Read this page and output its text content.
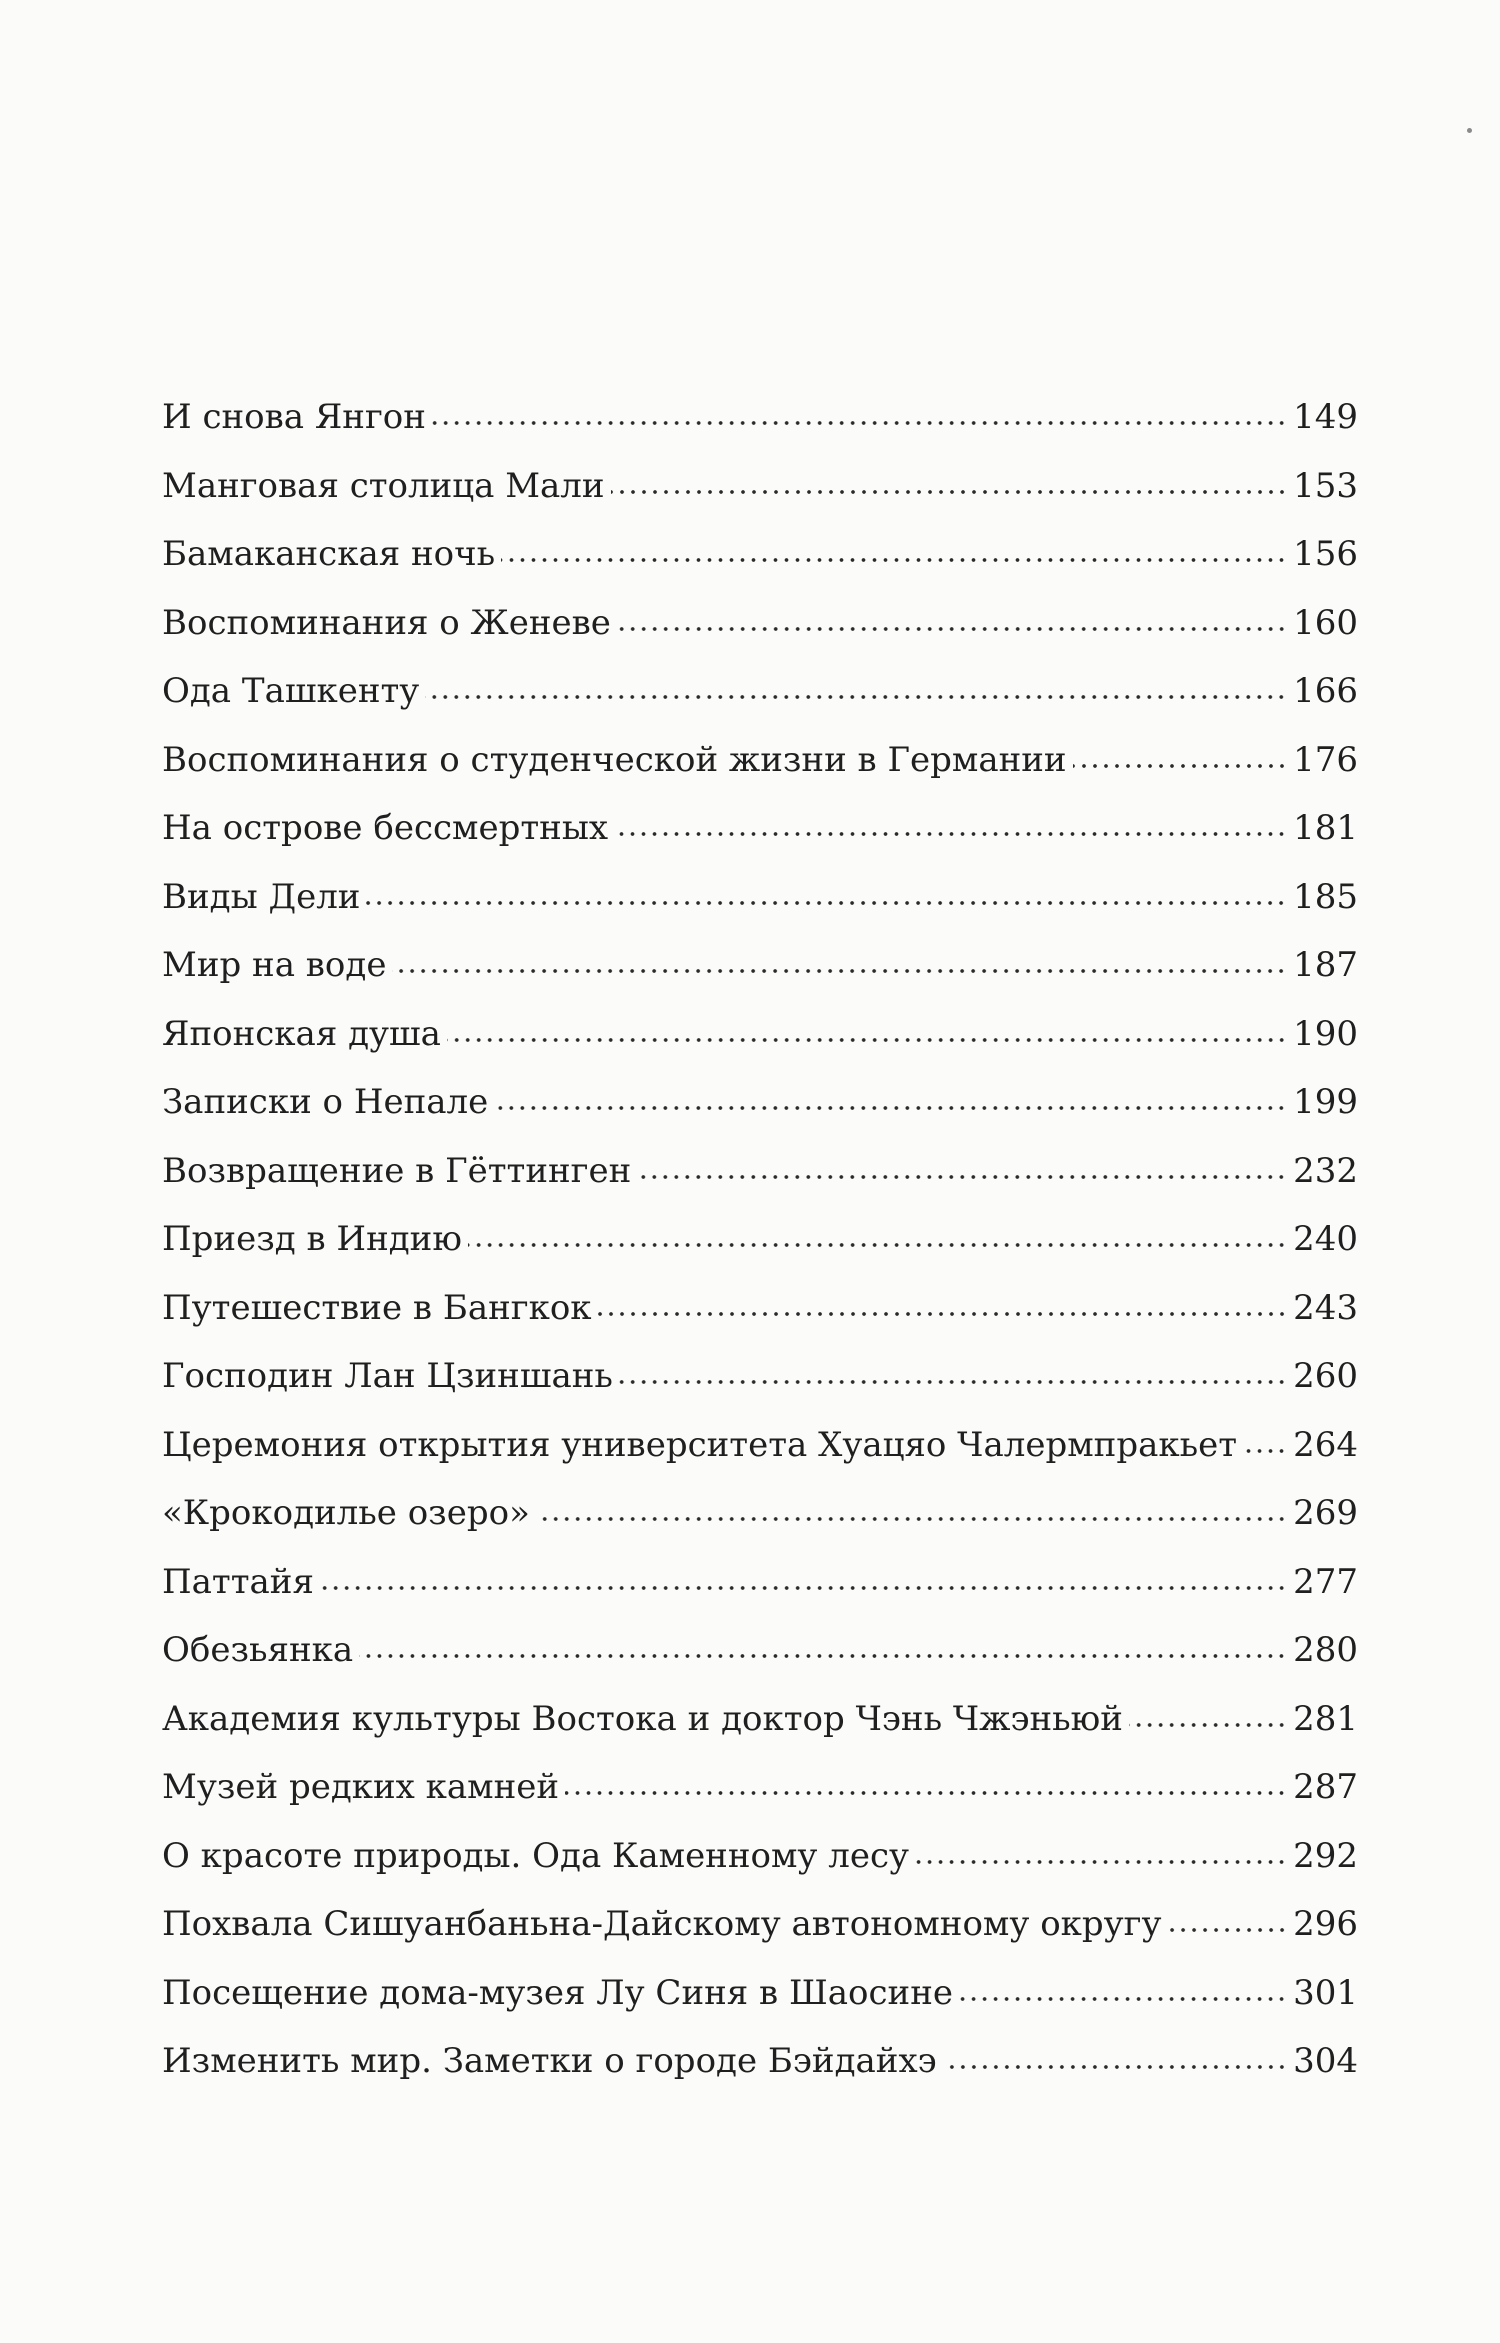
И снова Янгон	149
Манговая столица Мали	153
Бамаканская ночь	156
Воспоминания о Женеве	160
Ода Ташкенту	166
Воспоминания о студенческой жизни в Германии	176
На острове бессмертных	181
Виды Дели	185
Мир на воде	187
Японская душа	190
Записки о Непале	199
Возвращение в Гёттинген	232
Приезд в Индию	240
Путешествие в Бангкок	243
Господин Лан Цзиншань	260
Церемония открытия университета Хуацяо Чалермпракьет 264
«Крокодилье озеро»	269
Паттайя	277
Обезьянка	280
Академия культуры Востока и доктор Чэнь Чжэньюй	281
Музей редких камней	287
О красоте природы. Ода Каменному лесу	292
Похвала Сишуанбаньна-Дайскому автономному округу	296
Посещение дома-музея Лу Синя в Шаосине	301
Изменить мир. Заметки о городе Бэйдайхэ	304
